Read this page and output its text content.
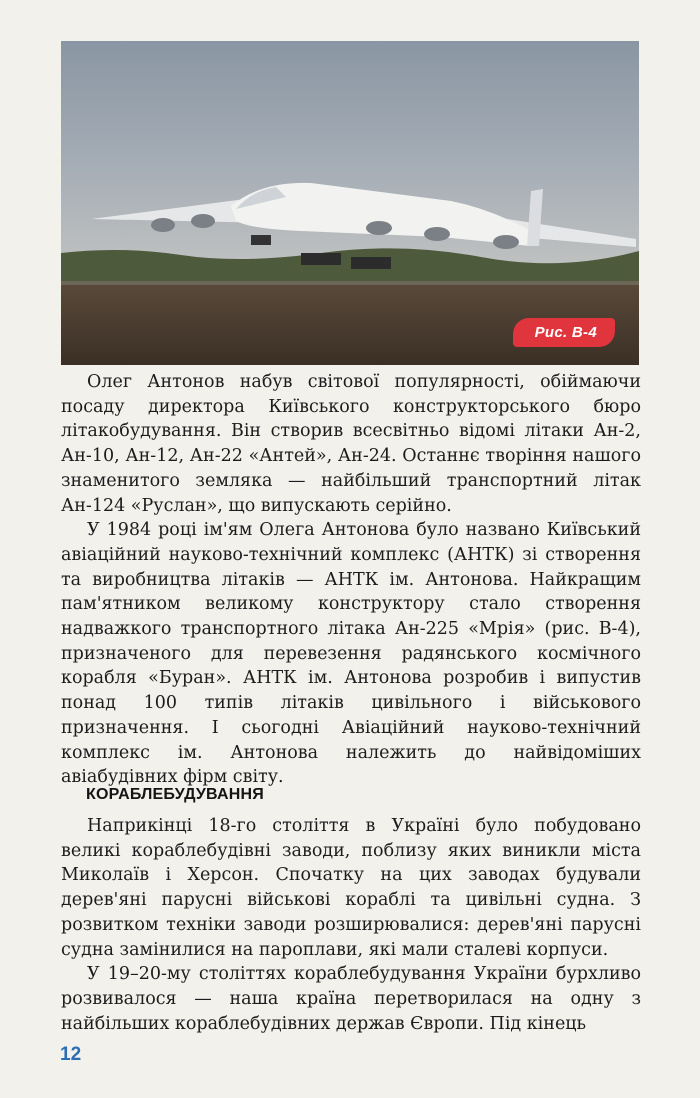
Рис. В-4

Олег Антонов набув світової популярності, обіймаючи посаду директора Київського конструкторського бюро літакобудування. Він створив всесвітньо відомі літаки Ан-2, Ан-10, Ан-12, Ан-22 «Антей», Ан-24. Останнє творіння нашого знаменитого земляка — найбільший транспортний літак Ан-124 «Руслан», що випускають серійно.

У 1984 році ім'ям Олега Антонова було названо Київський авіаційний науково-технічний комплекс (АНТК) зі створення та виробництва літаків — АНТК ім. Антонова. Найкращим пам'ятником великому конструктору стало створення надважкого транспортного літака Ан-225 «Мрія» (рис. В-4), призначеного для перевезення радянського космічного корабля «Буран». АНТК ім. Антонова розробив і випустив понад 100 типів літаків цивільного і військового призначення. І сьогодні Авіаційний науково-технічний комплекс ім. Антонова належить до найвідоміших авіабудівних фірм світу.

КОРАБЛЕБУДУВАННЯ

Наприкінці 18-го століття в Україні було побудовано великі кораблебудівні заводи, поблизу яких виникли міста Миколаїв і Херсон. Спочатку на цих заводах будували дерев'яні парусні військові кораблі та цивільні судна. З розвитком техніки заводи розширювалися: дерев'яні парусні судна замінилися на пароплави, які мали сталеві корпуси.

У 19–20-му століттях кораблебудування України бурхливо розвивалося — наша країна перетворилася на одну з найбільших кораблебудівних держав Європи. Під кінець

12
